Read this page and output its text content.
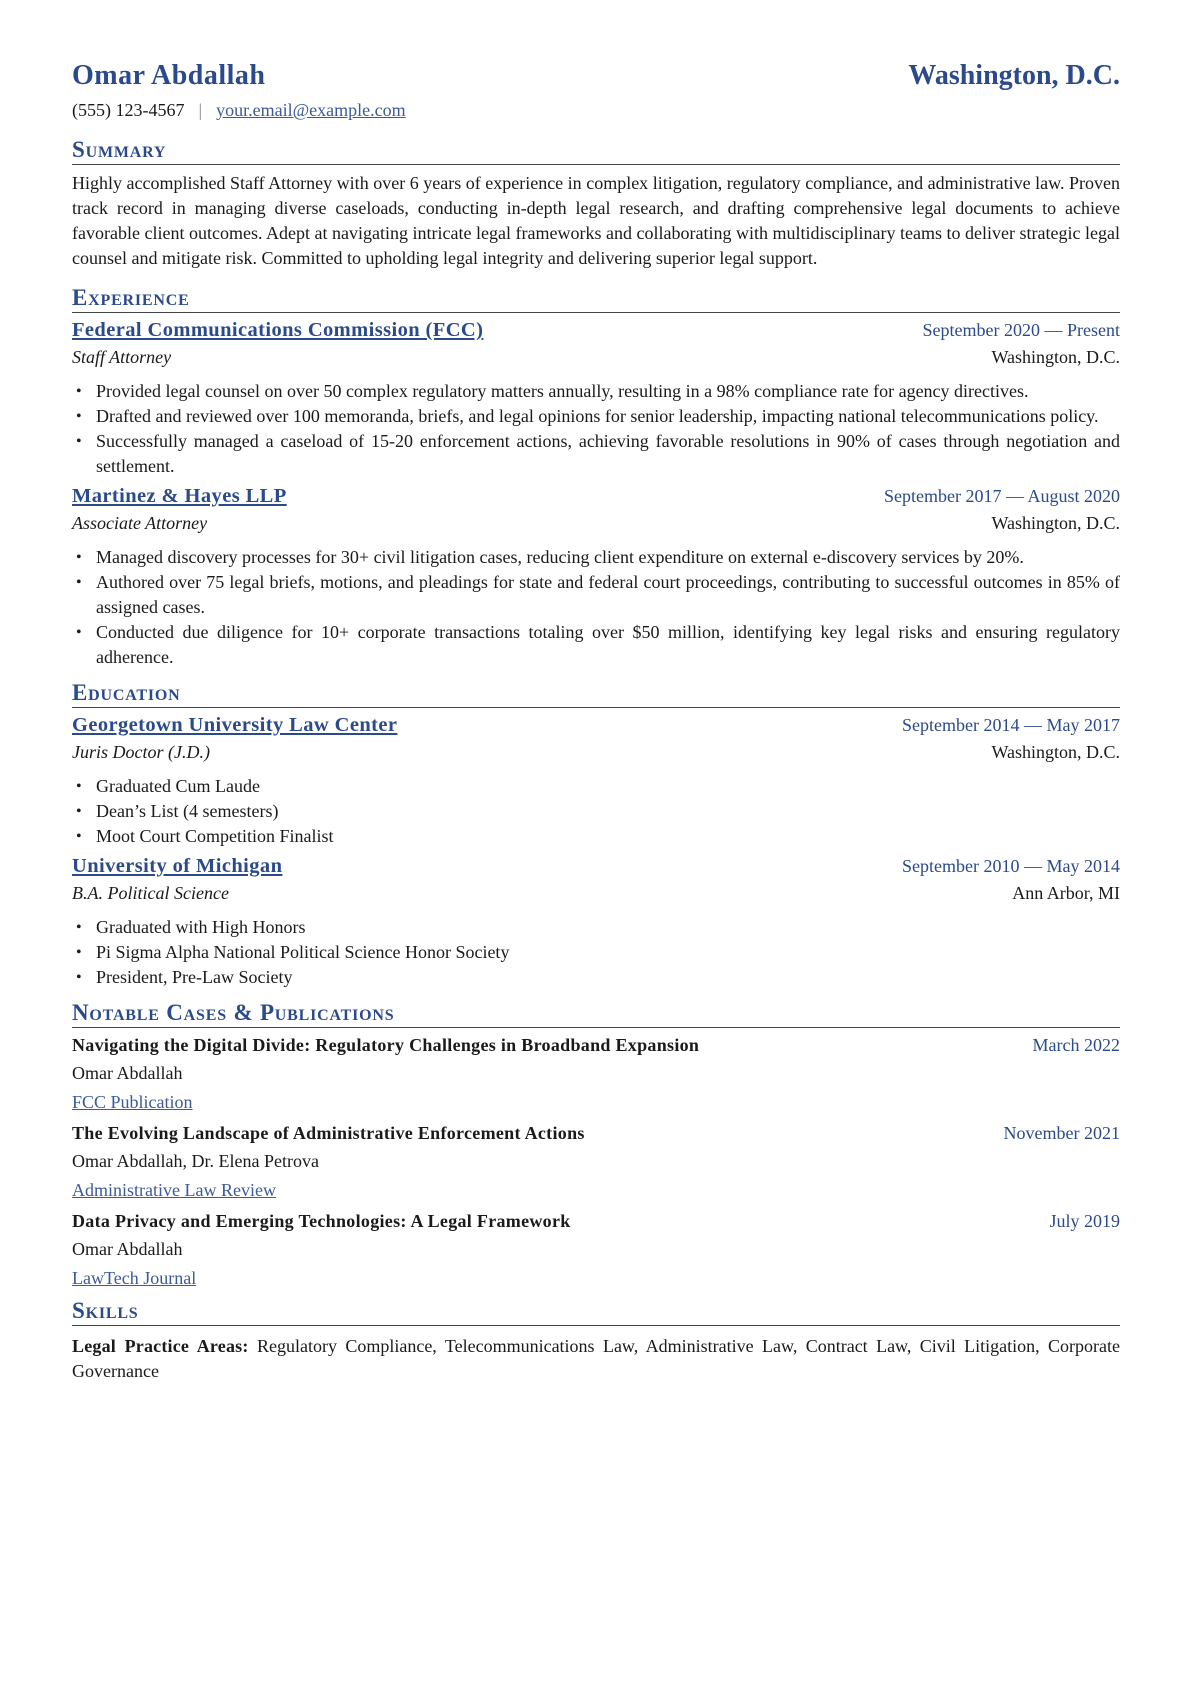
Omar Abdallah	Washington, D.C.
(555) 123-4567 | your.email@example.com
Summary
Highly accomplished Staff Attorney with over 6 years of experience in complex litigation, regulatory compliance, and administrative law. Proven track record in managing diverse caseloads, conducting in-depth legal research, and drafting comprehensive legal documents to achieve favorable client outcomes. Adept at navigating intricate legal frameworks and collaborating with multidisciplinary teams to deliver strategic legal counsel and mitigate risk. Committed to upholding legal integrity and delivering superior legal support.
Experience
Federal Communications Commission (FCC)	September 2020 — Present
Staff Attorney	Washington, D.C.
• Provided legal counsel on over 50 complex regulatory matters annually, resulting in a 98% compliance rate for agency directives.
• Drafted and reviewed over 100 memoranda, briefs, and legal opinions for senior leadership, impacting national telecommunications policy.
• Successfully managed a caseload of 15-20 enforcement actions, achieving favorable resolutions in 90% of cases through negotiation and settlement.
Martinez & Hayes LLP	September 2017 — August 2020
Associate Attorney	Washington, D.C.
• Managed discovery processes for 30+ civil litigation cases, reducing client expenditure on external e-discovery services by 20%.
• Authored over 75 legal briefs, motions, and pleadings for state and federal court proceedings, contributing to successful outcomes in 85% of assigned cases.
• Conducted due diligence for 10+ corporate transactions totaling over $50 million, identifying key legal risks and ensuring regulatory adherence.
Education
Georgetown University Law Center	September 2014 — May 2017
Juris Doctor (J.D.)	Washington, D.C.
• Graduated Cum Laude
• Dean’s List (4 semesters)
• Moot Court Competition Finalist
University of Michigan	September 2010 — May 2014
B.A. Political Science	Ann Arbor, MI
• Graduated with High Honors
• Pi Sigma Alpha National Political Science Honor Society
• President, Pre-Law Society
Notable Cases & Publications
Navigating the Digital Divide: Regulatory Challenges in Broadband Expansion	March 2022
Omar Abdallah
FCC Publication
The Evolving Landscape of Administrative Enforcement Actions	November 2021
Omar Abdallah, Dr. Elena Petrova
Administrative Law Review
Data Privacy and Emerging Technologies: A Legal Framework	July 2019
Omar Abdallah
LawTech Journal
Skills
Legal Practice Areas: Regulatory Compliance, Telecommunications Law, Administrative Law, Contract Law, Civil Litigation, Corporate Governance
